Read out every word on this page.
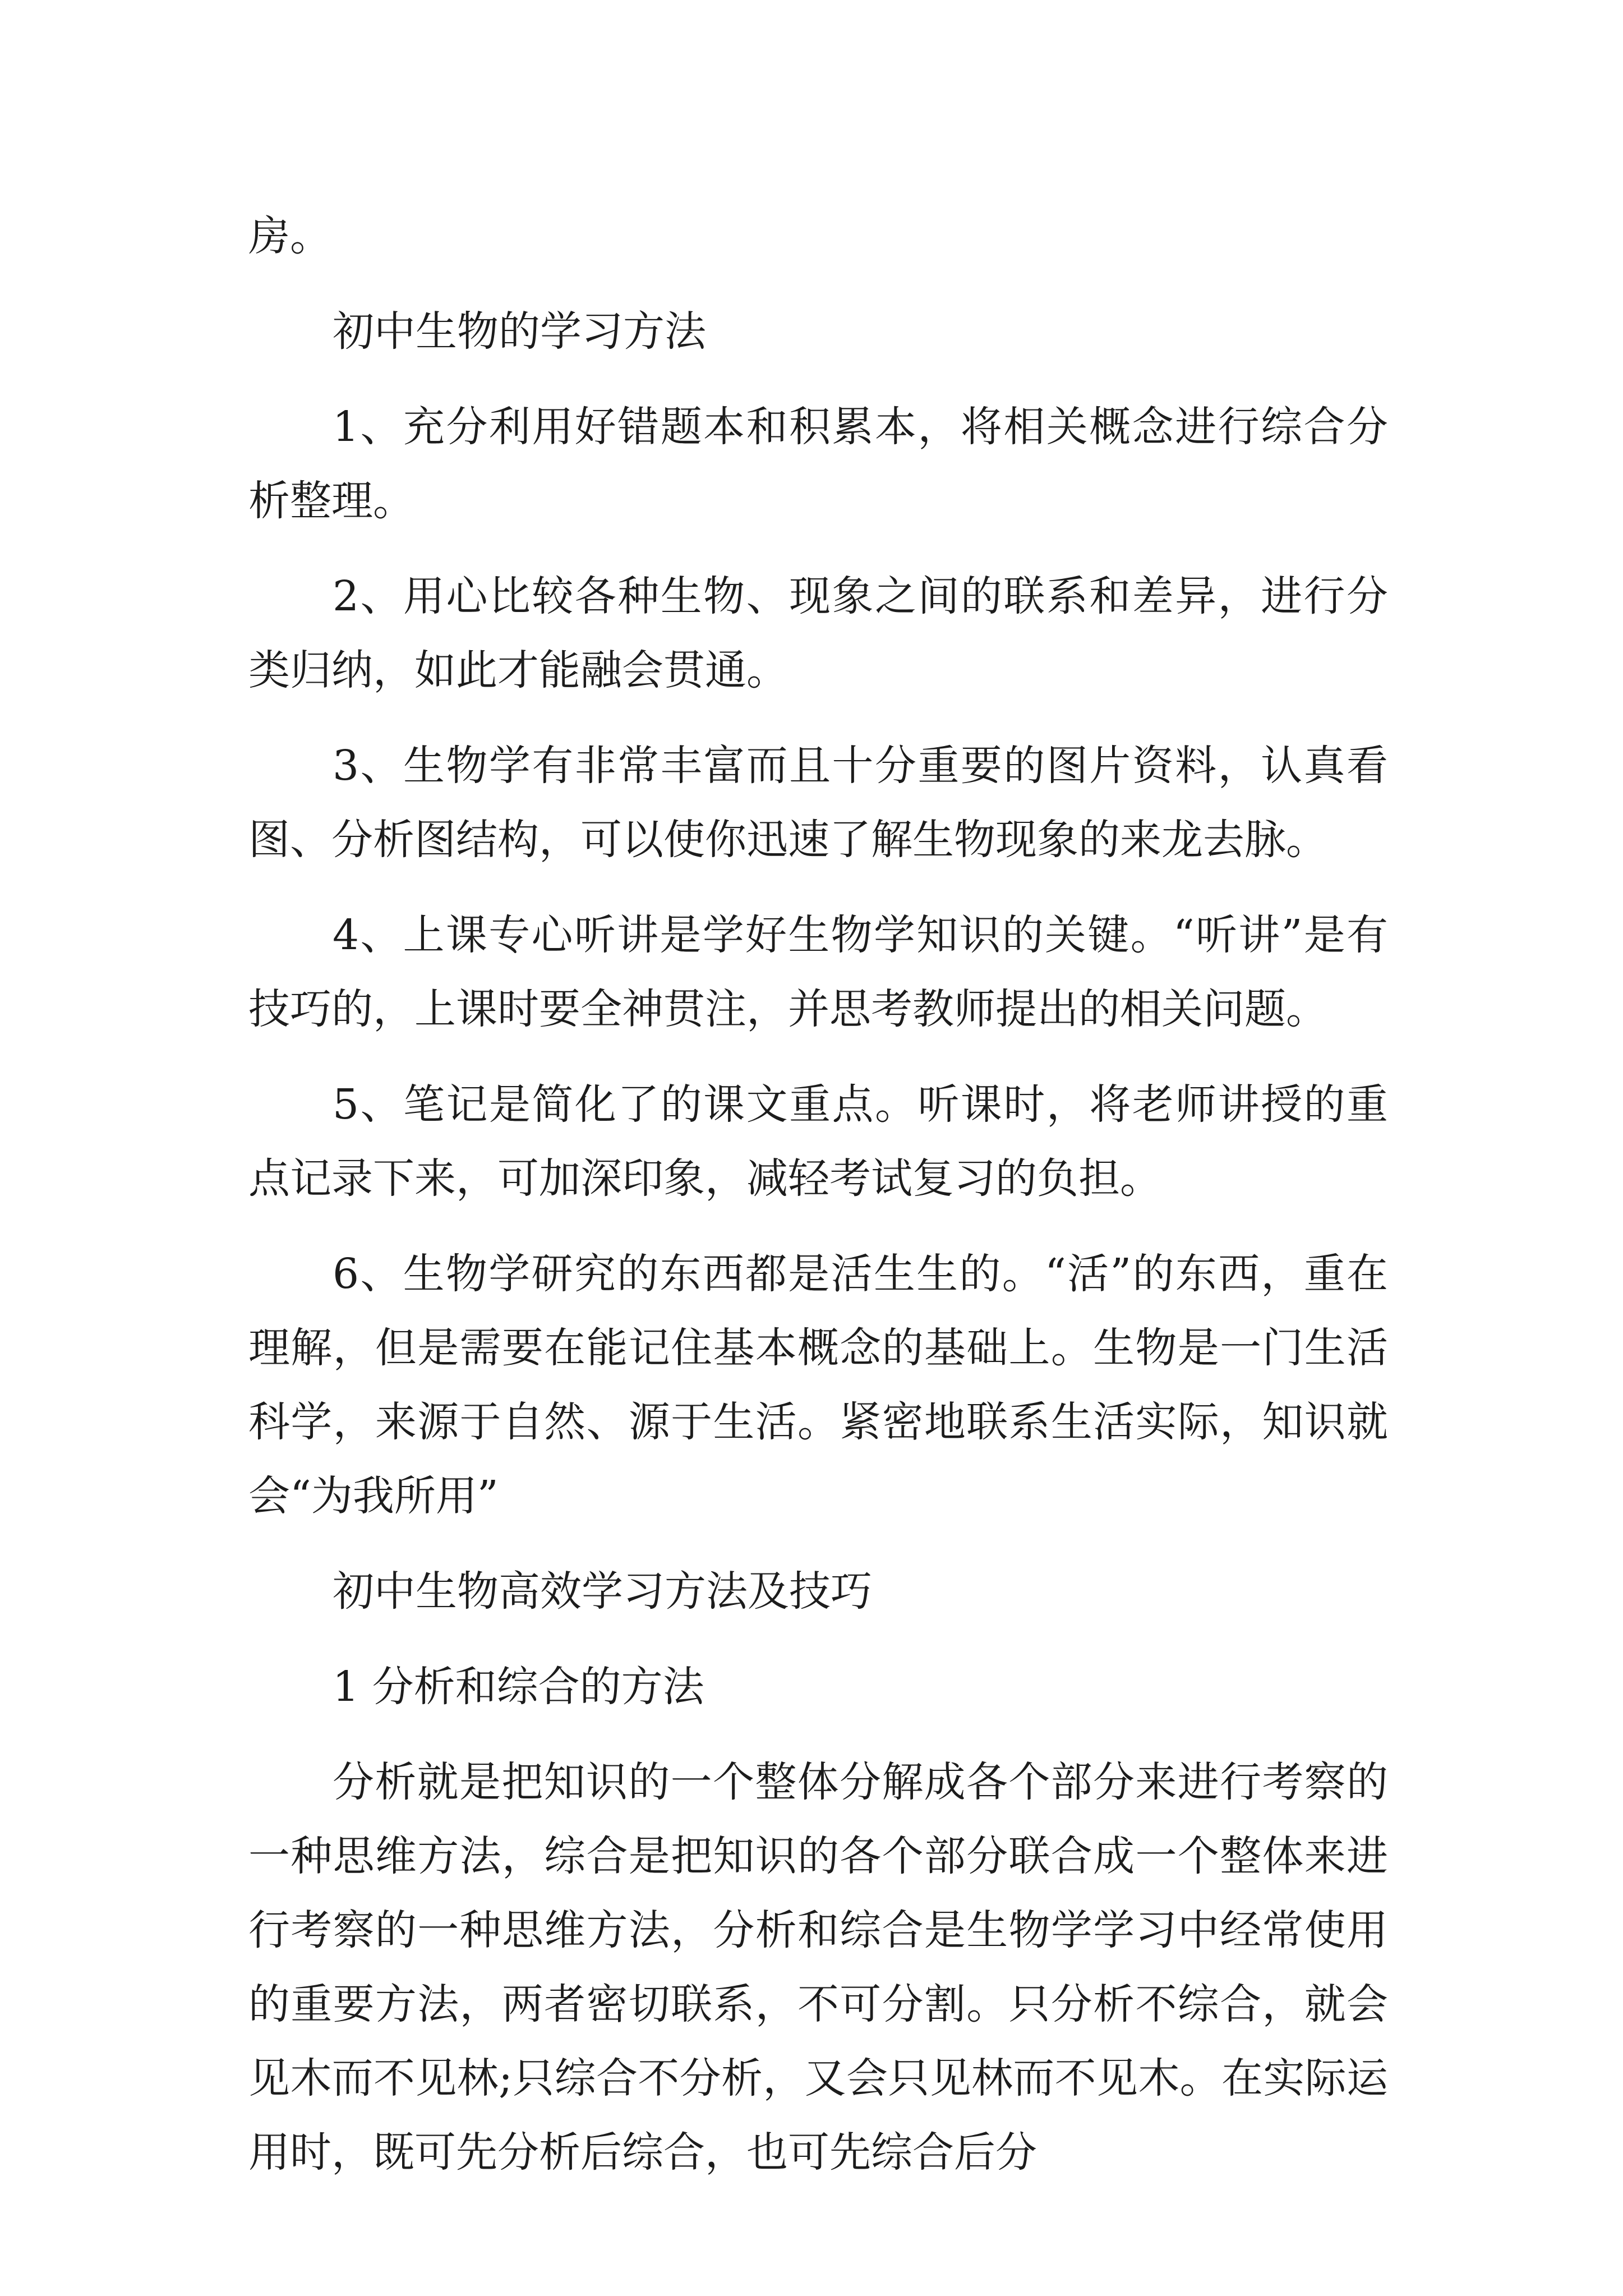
房。

初中生物的学习方法

1、充分利用好错题本和积累本，将相关概念进行综合分析整理。

2、用心比较各种生物、现象之间的联系和差异，进行分类归纳，如此才能融会贯通。

3、生物学有非常丰富而且十分重要的图片资料，认真看图、分析图结构，可以使你迅速了解生物现象的来龙去脉。

4、上课专心听讲是学好生物学知识的关键。“听讲”是有技巧的，上课时要全神贯注，并思考教师提出的相关问题。

5、笔记是简化了的课文重点。听课时，将老师讲授的重点记录下来，可加深印象，减轻考试复习的负担。

6、生物学研究的东西都是活生生的。“活”的东西，重在理解，但是需要在能记住基本概念的基础上。生物是一门生活科学，来源于自然、源于生活。紧密地联系生活实际，知识就会“为我所用”

初中生物高效学习方法及技巧

1 分析和综合的方法

分析就是把知识的一个整体分解成各个部分来进行考察的一种思维方法，综合是把知识的各个部分联合成一个整体来进行考察的一种思维方法，分析和综合是生物学学习中经常使用的重要方法，两者密切联系，不可分割。只分析不综合，就会见木而不见林;只综合不分析，又会只见林而不见木。在实际运用时，既可先分析后综合，也可先综合后分
